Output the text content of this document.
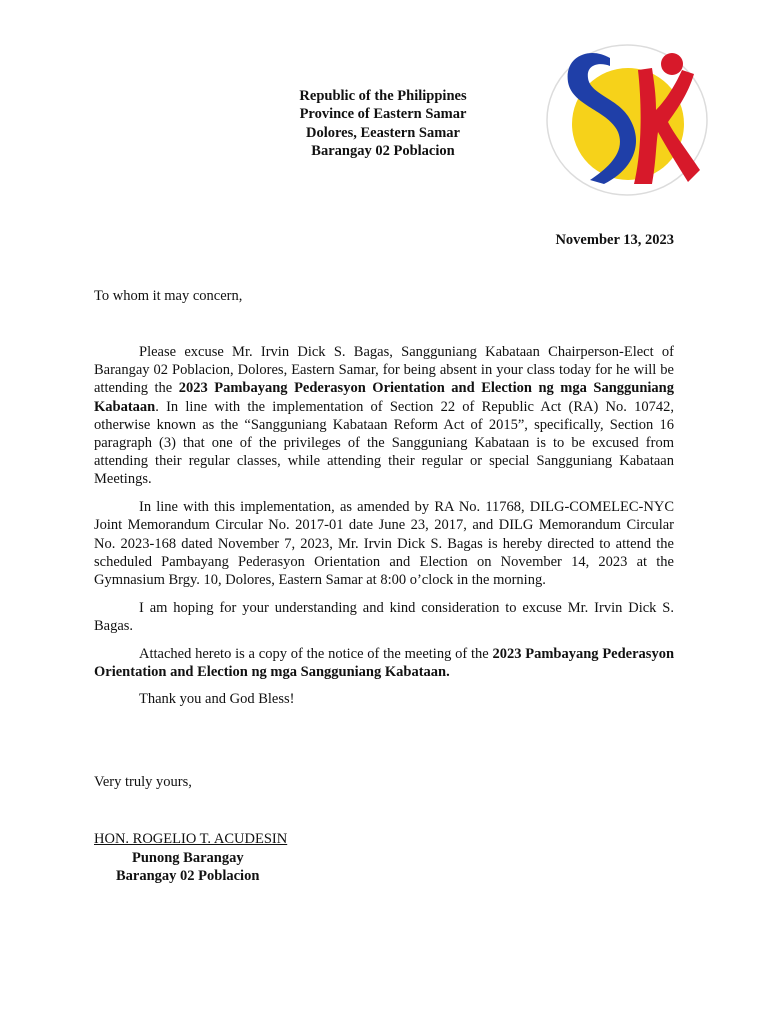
Republic of the Philippines
Province of Eastern Samar
Dolores, Eeastern Samar
Barangay 02 Poblacion
November 13, 2023
To whom it may concern,

Please excuse Mr. Irvin Dick S. Bagas, Sangguniang Kabataan Chairperson-Elect of Barangay 02 Poblacion, Dolores, Eastern Samar, for being absent in your class today for he will be attending the 2023 Pambayang Pederasyon Orientation and Election ng mga Sangguniang Kabataan. In line with the implementation of Section 22 of Republic Act (RA) No. 10742, otherwise known as the “Sangguniang Kabataan Reform Act of 2015”, specifically, Section 16 paragraph (3) that one of the privileges of the Sangguniang Kabataan is to be excused from attending their regular classes, while attending their regular or special Sangguniang Kabataan Meetings.

In line with this implementation, as amended by RA No. 11768, DILG-COMELEC-NYC Joint Memorandum Circular No. 2017-01 date June 23, 2017, and DILG Memorandum Circular No. 2023-168 dated November 7, 2023, Mr. Irvin Dick S. Bagas is hereby directed to attend the scheduled Pambayang Pederasyon Orientation and Election on November 14, 2023 at the Gymnasium Brgy. 10, Dolores, Eastern Samar at 8:00 o’clock in the morning.

I am hoping for your understanding and kind consideration to excuse Mr. Irvin Dick S. Bagas.

Attached hereto is a copy of the notice of the meeting of the 2023 Pambayang Pederasyon Orientation and Election ng mga Sangguniang Kabataan.

Thank you and God Bless!

Very truly yours,
HON. ROGELIO T. ACUDESIN
Punong Barangay
Barangay 02 Poblacion
